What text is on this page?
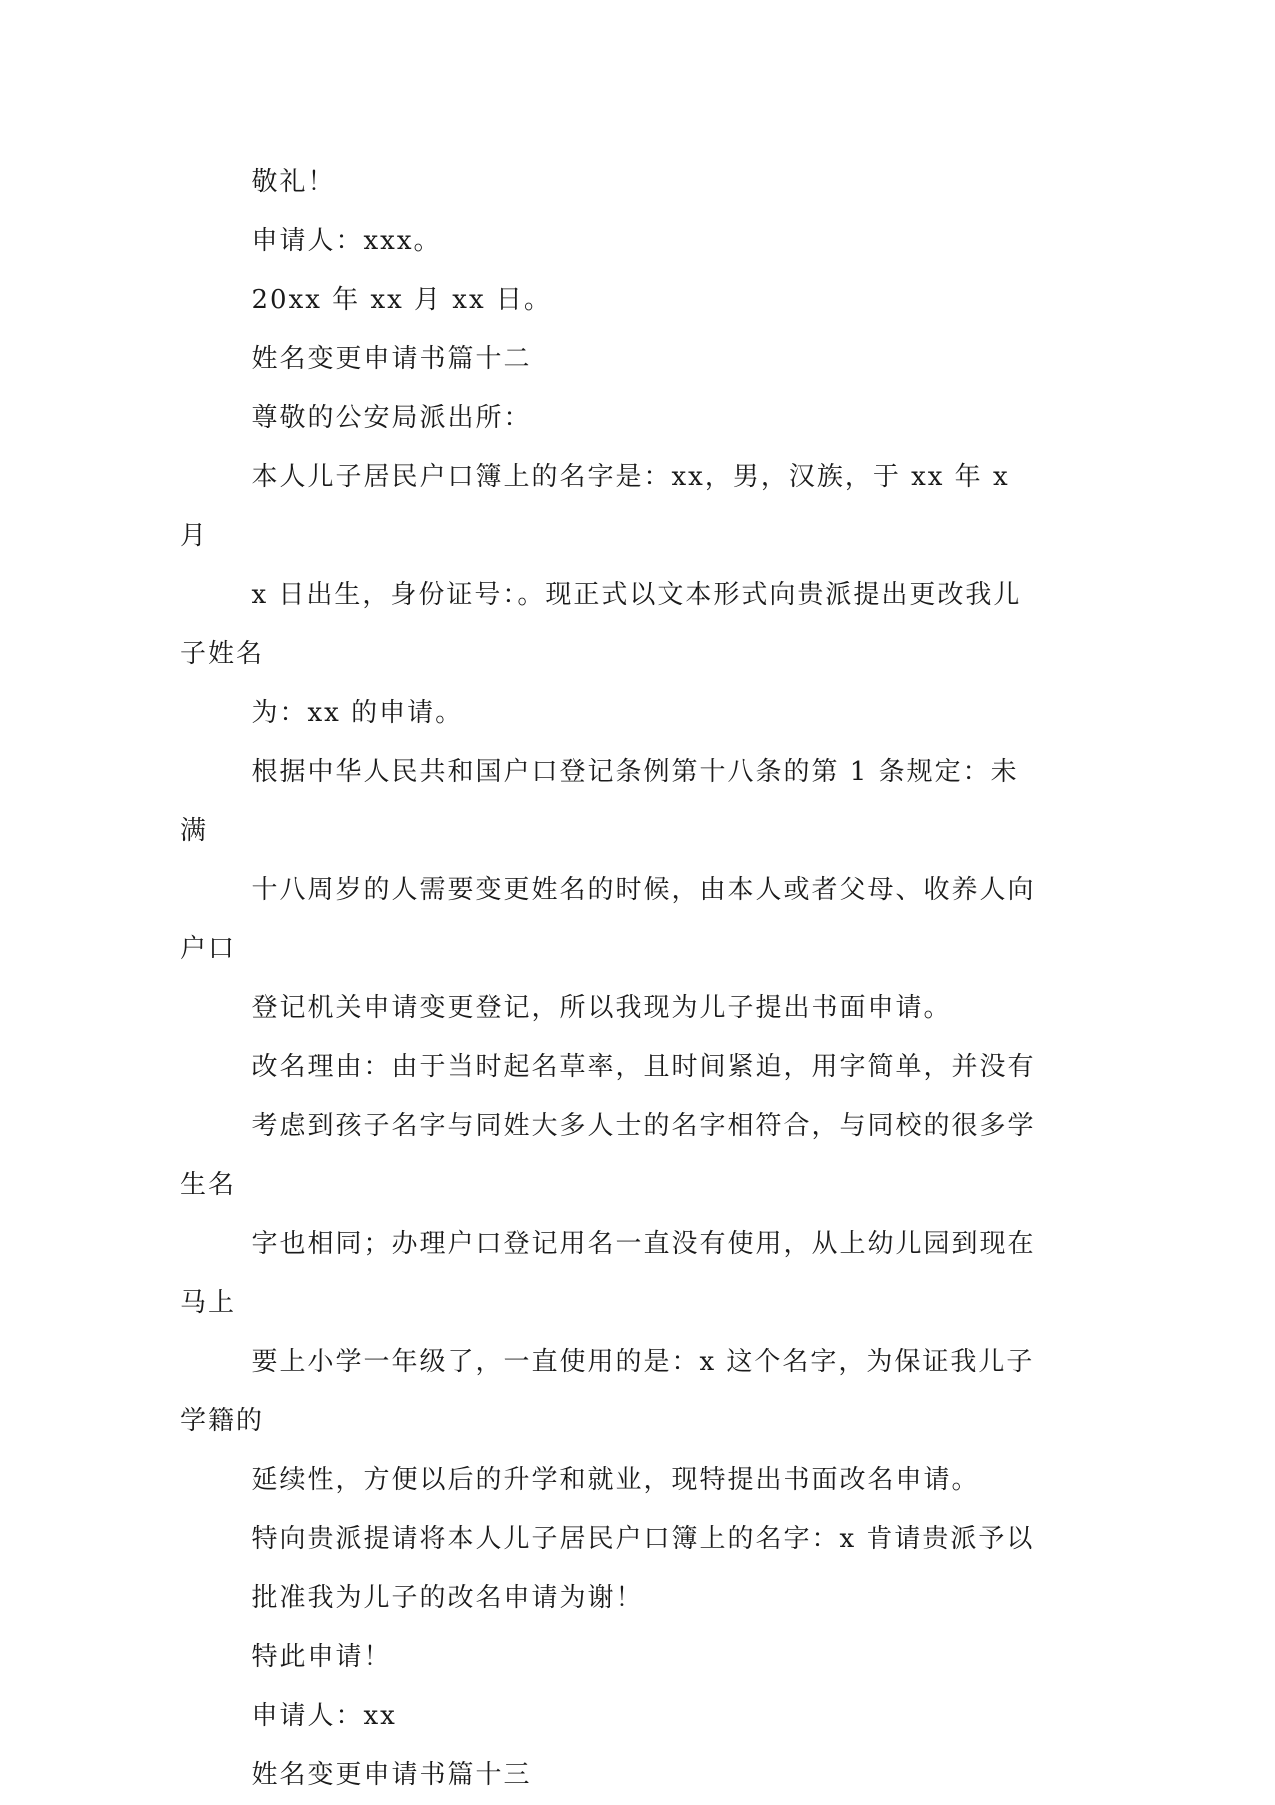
敬礼！

申请人：xxx。

20xx 年 xx 月 xx 日。

姓名变更申请书篇十二

尊敬的公安局派出所：

本人儿子居民户口簿上的名字是：xx，男，汉族，于 xx 年 x 月
x 日出生，身份证号：。现正式以文本形式向贵派提出更改我儿子姓名
为：xx 的申请。

根据中华人民共和国户口登记条例第十八条的第 1 条规定：未满
十八周岁的人需要变更姓名的时候，由本人或者父母、收养人向户口
登记机关申请变更登记，所以我现为儿子提出书面申请。

改名理由：由于当时起名草率，且时间紧迫，用字简单，并没有
考虑到孩子名字与同姓大多人士的名字相符合，与同校的很多学生名
字也相同；办理户口登记用名一直没有使用，从上幼儿园到现在马上
要上小学一年级了，一直使用的是：x 这个名字，为保证我儿子学籍的
延续性，方便以后的升学和就业，现特提出书面改名申请。

特向贵派提请将本人儿子居民户口簿上的名字：x 肯请贵派予以
批准我为儿子的改名申请为谢！

特此申请！

申请人：xx

姓名变更申请书篇十三
